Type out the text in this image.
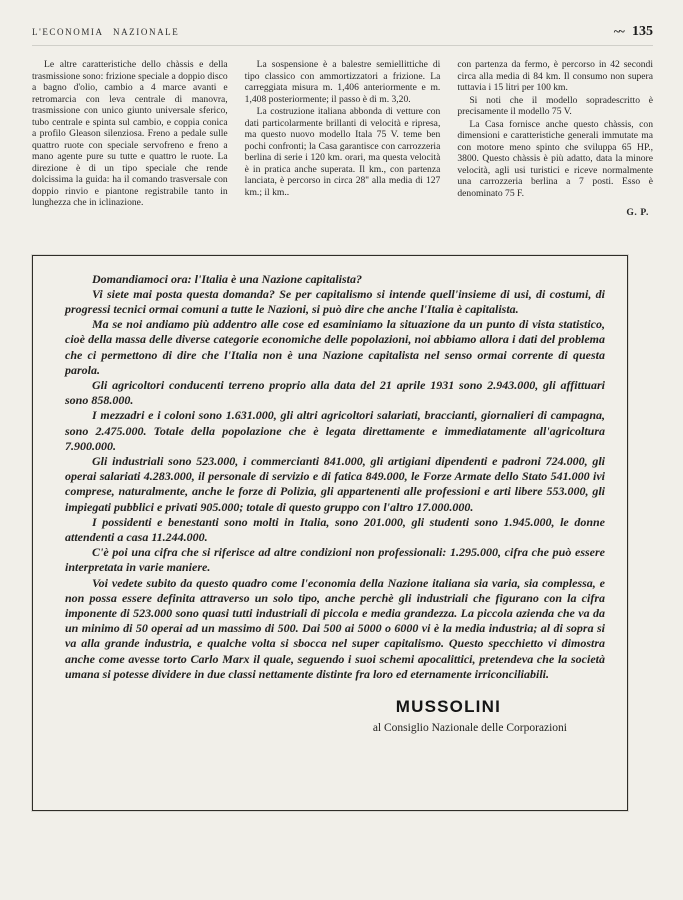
L'ECONOMIA NAZIONALE	~~ 135

Le altre caratteristiche dello chàssis e della trasmissione sono: frizione speciale a doppio disco a bagno d'olio, cambio a 4 marce avanti e retromarcia con leva centrale di manovra, trasmissione con unico giunto universale sferico, tubo centrale e spinta sul cambio, e coppia conica a profilo Gleason silenziosa. Freno a pedale sulle quattro ruote con speciale servofreno e freno a mano agente pure su tutte e quattro le ruote. La direzione è di un tipo speciale che rende dolcissima la guida: ha il comando trasversale con doppio rinvio e piantone registrabile tanto in lunghezza che in iclinazione.

La sospensione è a balestre semiellittiche di tipo classico con ammortizzatori a frizione. La carreggiata misura m. 1,406 anteriormente e m. 1,408 posteriormente; il passo è di m. 3,20.

La costruzione italiana abbonda di vetture con dati particolarmente brillanti di velocità e ripresa, ma questo nuovo modello Itala 75 V. teme ben pochi confronti; la Casa garantisce con carrozzeria berlina di serie i 120 km. orari, ma questa velocità è in pratica anche superata. Il km., con partenza lanciata, è percorso in circa 28'' alla media di 127 km.; il km..

con partenza da fermo, è percorso in 42 secondi circa alla media di 84 km. Il consumo non supera tuttavia i 15 litri per 100 km.

Si noti che il modello sopradescritto è precisamente il modello 75 V.

La Casa fornisce anche questo chàssis, con dimensioni e caratteristiche generali immutate ma con motore meno spinto che sviluppa 65 HP., 3800. Questo chàssis è più adatto, data la minore velocità, agli usi turistici e riceve normalmente una carrozzeria berlina a 7 posti. Esso è denominato 75 F.

G. P.

Domandiamoci ora: l'Italia è una Nazione capitalista?

Vi siete mai posta questa domanda? Se per capitalismo si intende quell'insieme di usi, di costumi, di progressi tecnici ormai comuni a tutte le Nazioni, si può dire che anche l'Italia è capitalista.

Ma se noi andiamo più addentro alle cose ed esaminiamo la situazione da un punto di vista statistico, cioè della massa delle diverse categorie economiche delle popolazioni, noi abbiamo allora i dati del problema che ci permettono di dire che l'Italia non è una Nazione capitalista nel senso ormai corrente di questa parola.

Gli agricoltori conducenti terreno proprio alla data del 21 aprile 1931 sono 2.943.000, gli affittuari sono 858.000.

I mezzadri e i coloni sono 1.631.000, gli altri agricoltori salariati, braccianti, giornalieri di campagna, sono 2.475.000. Totale della popolazione che è legata direttamente e immediatamente all'agricoltura 7.900.000.

Gli industriali sono 523.000, i commercianti 841.000, gli artigiani dipendenti e padroni 724.000, gli operai salariati 4.283.000, il personale di servizio e di fatica 849.000, le Forze Armate dello Stato 541.000 ivi comprese, naturalmente, anche le forze di Polizia, gli appartenenti alle professioni e arti libere 553.000, gli impiegati pubblici e privati 905.000; totale di questo gruppo con l'altro 17.000.000.

I possidenti e benestanti sono molti in Italia, sono 201.000, gli studenti sono 1.945.000, le donne attendenti a casa 11.244.000.

C'è poi una cifra che si riferisce ad altre condizioni non professionali: 1.295.000, cifra che può essere interpretata in varie maniere.

Voi vedete subito da questo quadro come l'economia della Nazione italiana sia varia, sia complessa, e non possa essere definita attraverso un solo tipo, anche perchè gli industriali che figurano con la cifra imponente di 523.000 sono quasi tutti industriali di piccola e media grandezza. La piccola azienda che va da un minimo di 50 operai ad un massimo di 500. Dai 500 ai 5000 o 6000 vi è la media industria; al di sopra si va alla grande industria, e qualche volta si sbocca nel super capitalismo. Questo specchietto vi dimostra anche come avesse torto Carlo Marx il quale, seguendo i suoi schemi apocalittici, pretendeva che la società umana si potesse dividere in due classi nettamente distinte fra loro ed eternamente irriconciliabili.

MUSSOLINI
al Consiglio Nazionale delle Corporazioni
